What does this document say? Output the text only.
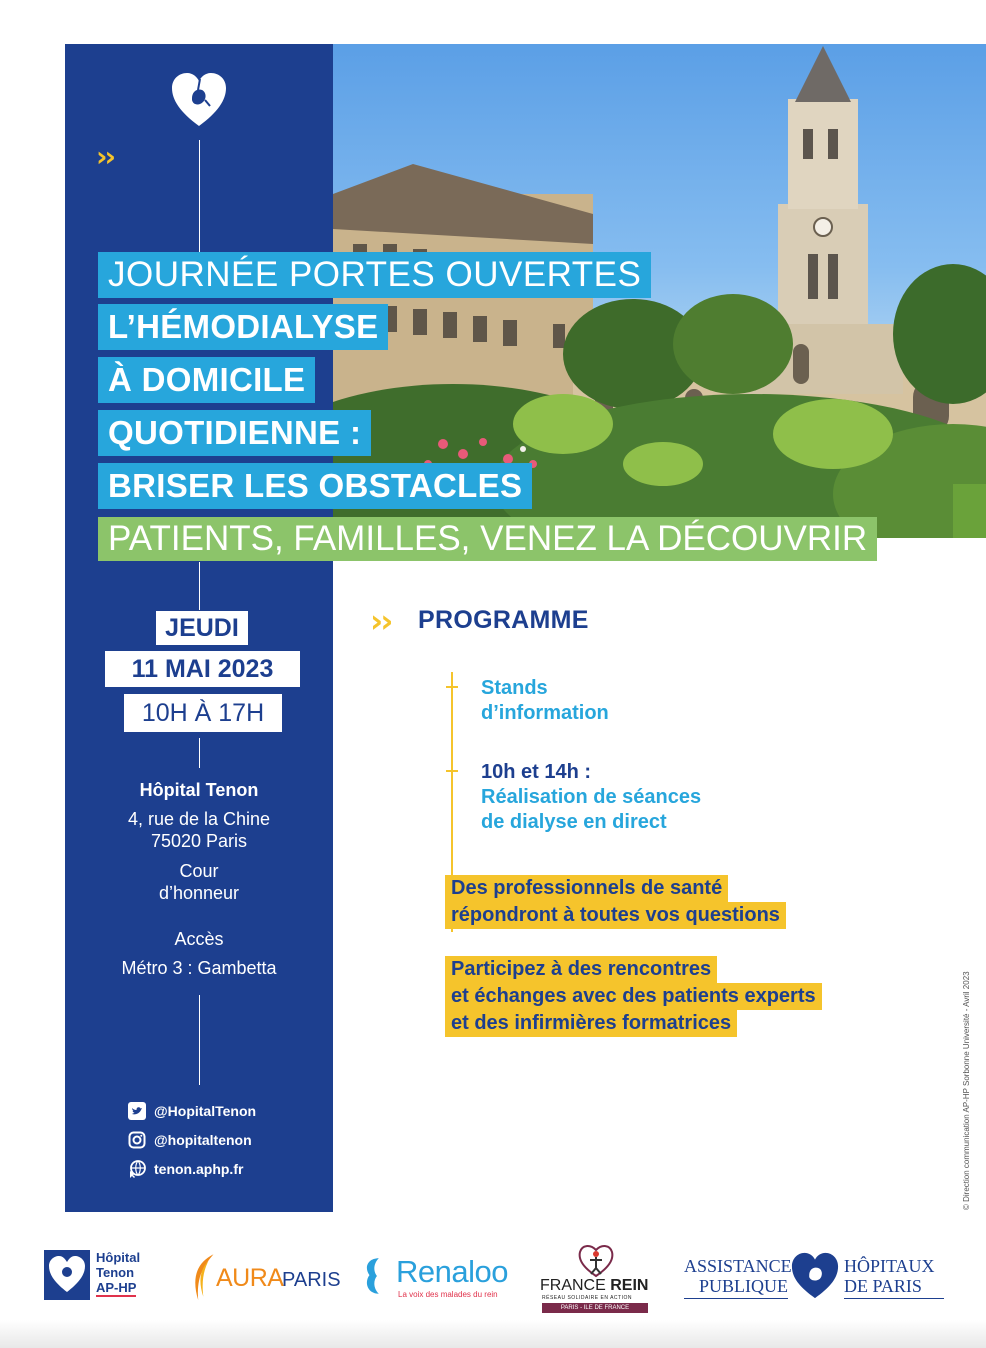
››
››
JOURNÉE PORTES OUVERTES
L’HÉMODIALYSE
À DOMICILE
QUOTIDIENNE :
BRISER LES OBSTACLES
PATIENTS, FAMILLES, VENEZ LA DÉCOUVRIR
JEUDI
11 MAI 2023
10H À 17H
Hôpital Tenon
4, rue de la Chine
75020 Paris
Cour
d’honneur
Accès
Métro 3 : Gambetta
@HopitalTenon
@hopitaltenon
tenon.aphp.fr
PROGRAMME
Stands
d’information
10h et 14h :
Réalisation de séances
de dialyse en direct
Des professionnels de santé
répondront à toutes vos questions
Participez à des rencontres
et échanges avec des patients experts
et des infirmières formatrices	© Direction communication AP-HP Sorbonne Université - Avril 2023
Hôpital
Tenon
AP-HP	AURA
PARIS Renaloo
La voix des malades du rein
FRANCE REIN
RÉSEAU SOLIDAIRE EN ACTION
PARIS - ILE DE FRANCE
ASSISTANCE
PUBLIQUE
HÔPITAUX
DE PARIS
